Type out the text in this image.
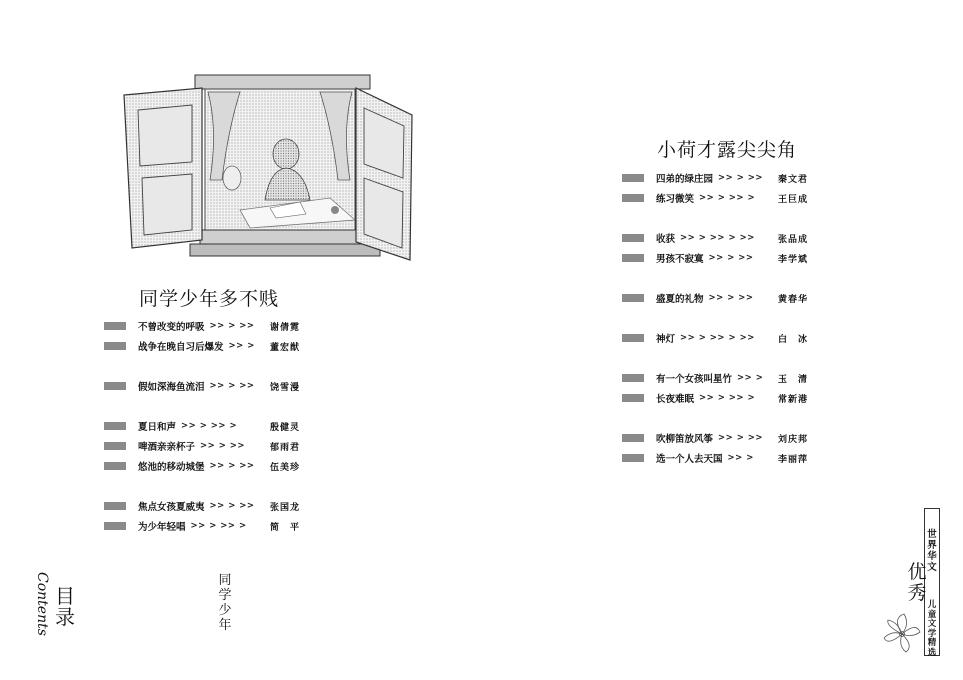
同学少年多不贱
不曾改变的呼吸 >> > >> 谢倩霓
战争在晚自习后爆发 >> > 董宏猷
假如深海鱼流泪 >> > >> 饶雪漫
夏日和声 >> > >> >	殷健灵
啤酒亲亲杯子 >> > >>	郁雨君
悠池的移动城堡 >> > >> 伍美珍
焦点女孩夏威夷 >> > >> 张国龙
为少年轻唱 >> > >> >	简　平
小荷才露尖尖角
四弟的绿庄园 >> > >> 秦文君
练习微笑 >> > >> >	王巨成
收获 >> > >> > >>	张品成
男孩不寂寞 >> > >>	李学斌
盛夏的礼物 >> > >>	黄春华
神灯 >> > >> > >>	白　冰
有一个女孩叫星竹 >> > 玉　清
长夜难眠 >> > >> >	常新港
吹柳笛放风筝 >> > >> 刘庆邦
选一个人去天国 >> >	李丽萍
Contents 目
录
同
学
少
年
世
界
华
文
儿
童
文
学
精
选
优
秀
